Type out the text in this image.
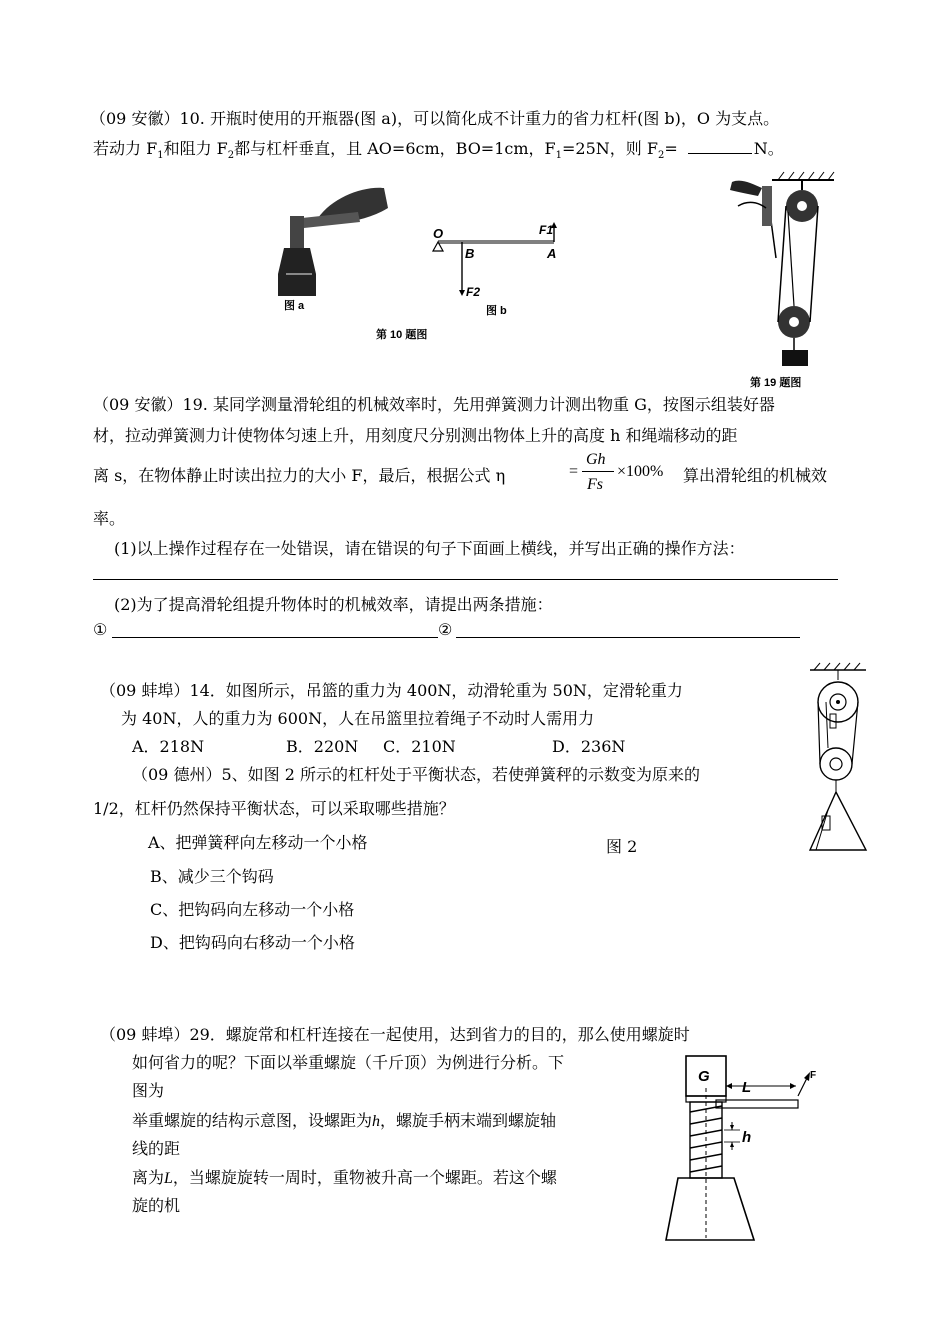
（09 安徽）10. 开瓶时使用的开瓶器(图 a)，可以简化成不计重力的省力杠杆(图 b)，O 为支点。
若动力 $F_1$和阻力 $F_2$都与杠杆垂直，且 AO=6cm，BO=1cm，$F_1=25N$，则 $F_2=$	N。
图 a
O
B	A
F1
F2
图 b
第 10 题图
第 19 题图
（09 安徽）19. 某同学测量滑轮组的机械效率时，先用弹簧测力计测出物重 G，按图示组装好器
材，拉动弹簧测力计使物体匀速上升，用刻度尺分别测出物体上升的高度 h 和绳端移动的距
离 s，在物体静止时读出拉力的大小 F，最后，根据公式 η	=
Gh
Fs
×100% 算出滑轮组的机械效
率。
(1)以上操作过程存在一处错误，请在错误的句子下面画上横线，并写出正确的操作方法：
(2)为了提高滑轮组提升物体时的机械效率，请提出两条措施：
①	②
（09 蚌埠）14．如图所示，吊篮的重力为 400N，动滑轮重为 50N，定滑轮重力
为 40N，人的重力为 600N，人在吊篮里拉着绳子不动时人需用力
A．218N	B．220N C．210N	D．236N
（09 德州）5、如图 2 所示的杠杆处于平衡状态，若使弹簧秤的示数变为原来的
1/2，杠杆仍然保持平衡状态，可以采取哪些措施？
A、把弹簧秤向左移动一个小格	图 2
B、减少三个钩码
C、把钩码向左移动一个小格
D、把钩码向右移动一个小格
（09 蚌埠）29．螺旋常和杠杆连接在一起使用，达到省力的目的，那么使用螺旋时
如何省力的呢？下面以举重螺旋（千斤顶）为例进行分析。下
图为
举重螺旋的结构示意图，设螺距为h，螺旋手柄末端到螺旋轴
线的距
离为L，当螺旋旋转一周时，重物被升高一个螺距。若这个螺
旋的机
G
L
F
h
